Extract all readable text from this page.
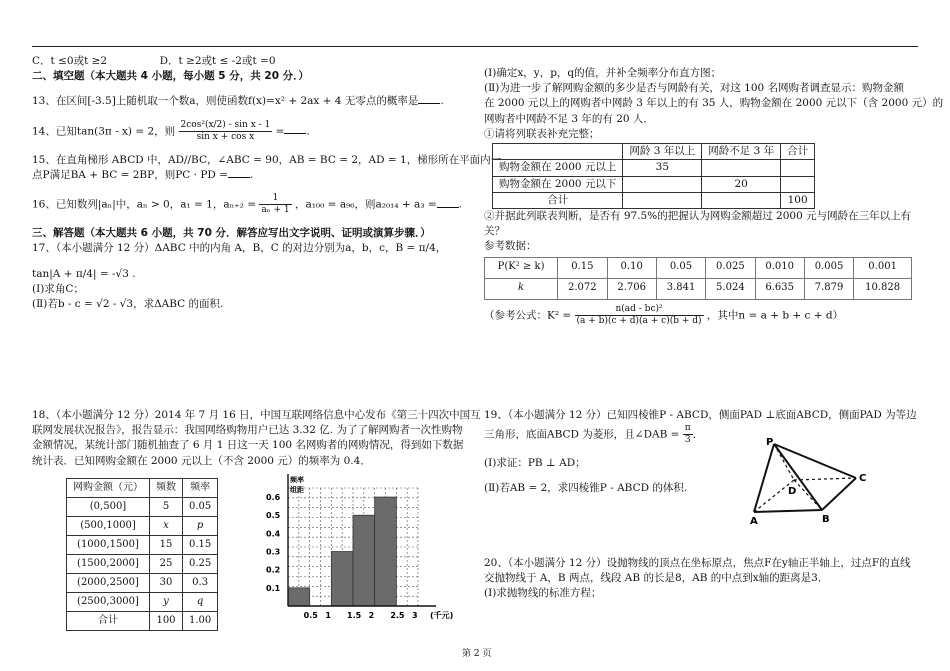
C．t ≤0或t ≥2　　　　　D．t ≥2或t ≤ -2或t =0

二、填空题（本大题共 4 小题，每小题 5 分，共 20 分．）

13、在区间[-3.5]上随机取一个数a，则使函数f(x)=x² + 2ax + 4 无零点的概率是 .

14、已知tan(3π - x) = 2，则 $\frac{\text{2cos²(x/2) - sin x - 1}}{\text{sin x + cos x}}$ = .

15、在直角梯形 ABCD 中，AD//BC，∠ABC = 90，AB = BC = 2，AD = 1，梯形所在平面内一

点P满足BA + BC = 2BP，则PC · PD = .

16、已知数列|aₙ|中，aₙ > 0，a₁ = 1，$a_{n+2} = \frac{1}{\text{aₙ + 1}}$ ，a₁₀₀ = a₉₆，则a₂₀₁₄ + a₃ = .

三、解答题（本大题共 6 小题，共 70 分．解答应写出文字说明、证明或演算步骤．）

17、（本小题满分 12 分）ΔABC 中的内角 A，B，C 的对边分别为a，b，c，B = π/4，

tan|A + π/4| = -√3 .

(Ⅰ)求角C；

(Ⅱ)若b - c = √2 - √3，求ΔABC 的面积.

18、（本小题满分 12 分）2014 年 7 月 16 日，中国互联网络信息中心发布《第三十四次中国互

联网发展状况报告》，报告显示：我国网络购物用户已达 3.32 亿. 为了了解网购者一次性购物

金额情况，某统计部门随机抽查了 6 月 1 日这一天 100 名网购者的网购情况，得到如下数据

统计表．已知网购金额在 2000 元以上（不含 2000 元）的频率为 0.4．

网购金额（元）	频数	频率
(0,500]	5	0.05
(500,1000]	x	p
(1000,1500]	15	0.15
(1500,2000]	25	0.25
(2000,2500]	30	0.3
(2500,3000]	y	q
合计	100	1.00
0.1
0.2
0.3
0.4
0.5
0.6
0.5 1 1.5 2 2.5 3 (千元)
频率
组距

(Ⅰ)确定x，y，p，q的值，并补全频率分布直方图；

(Ⅱ)为进一步了解网购金额的多少是否与网龄有关，对这 100 名网购者调查显示：购物金额

在 2000 元以上的网购者中网龄 3 年以上的有 35 人，购物金额在 2000 元以下（含 2000 元）的

网购者中网龄不足 3 年的有 20 人．

①请将列联表补充完整；

	网龄 3 年以上	网龄不足 3 年	合计
购物金额在 2000 元以上	35		
购物金额在 2000 元以下		20	
合计			100

②并据此列联表判断，是否有 97.5%的把握认为网购金额超过 2000 元与网龄在三年以上有

关？

参考数据：

P(K² ≥ k)	0.15	0.10	0.05	0.025	0.010	0.005	0.001
k	2.072	2.706	3.841	5.024	6.635	7.879	10.828

（参考公式：$K^2 = \frac{\text{n(ad - bc)²}}{(a + b)(c + d)(a + c)(b + d)}$ ，其中n = a + b + c + d）

19、（本小题满分 12 分）已知四棱锥P - ABCD，侧面PAD ⊥底面ABCD，侧面PAD 为等边

三角形，底面ABCD 为菱形，且∠DAB = $\frac{\pi}{3}$ ．

(Ⅰ)求证：PB ⊥ AD；

(Ⅱ)若AB = 2，求四棱锥P - ABCD 的体积.

P
A	B
C
D

20、（本小题满分 12 分）设抛物线的顶点在坐标原点，焦点F在y轴正半轴上，过点F的直线

交抛物线于 A，B 两点，线段 AB 的长是8，AB 的中点到x轴的距离是3．

(Ⅰ)求抛物线的标准方程；

第 2 页
